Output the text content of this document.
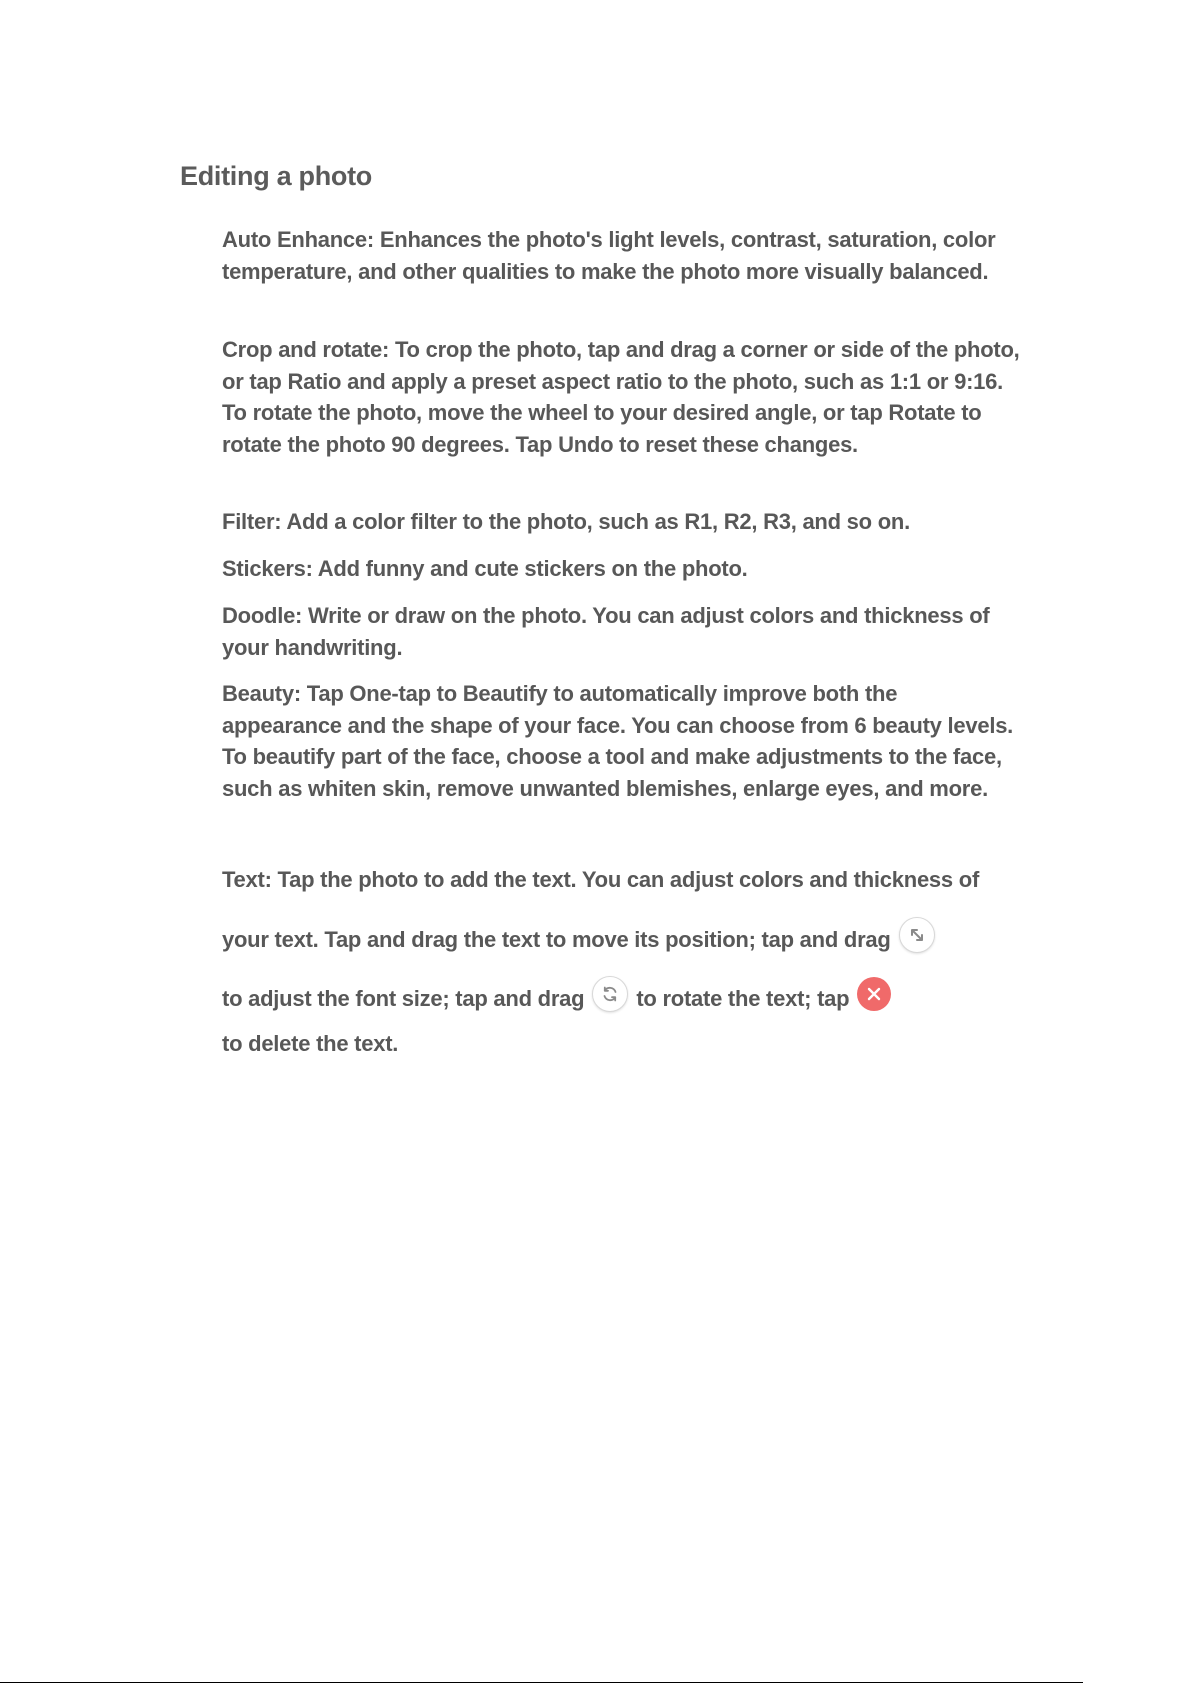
Editing a photo

Auto Enhance: Enhances the photo's light levels, contrast, saturation, color temperature, and other qualities to make the photo more visually balanced.

Crop and rotate: To crop the photo, tap and drag a corner or side of the photo, or tap Ratio and apply a preset aspect ratio to the photo, such as 1:1 or 9:16. To rotate the photo, move the wheel to your desired angle, or tap Rotate to rotate the photo 90 degrees. Tap Undo to reset these changes.

Filter: Add a color filter to the photo, such as R1, R2, R3, and so on.

Stickers: Add funny and cute stickers on the photo.

Doodle: Write or draw on the photo. You can adjust colors and thickness of your handwriting.

Beauty: Tap One-tap to Beautify to automatically improve both the appearance and the shape of your face. You can choose from 6 beauty levels. To beautify part of the face, choose a tool and make adjustments to the face, such as whiten skin, remove unwanted blemishes, enlarge eyes, and more.

Text: Tap the photo to add the text. You can adjust colors and thickness of your text. Tap and drag the text to move its position; tap and drag

to adjust the font size; tap and drag to rotate the text; tap

to delete the text.
